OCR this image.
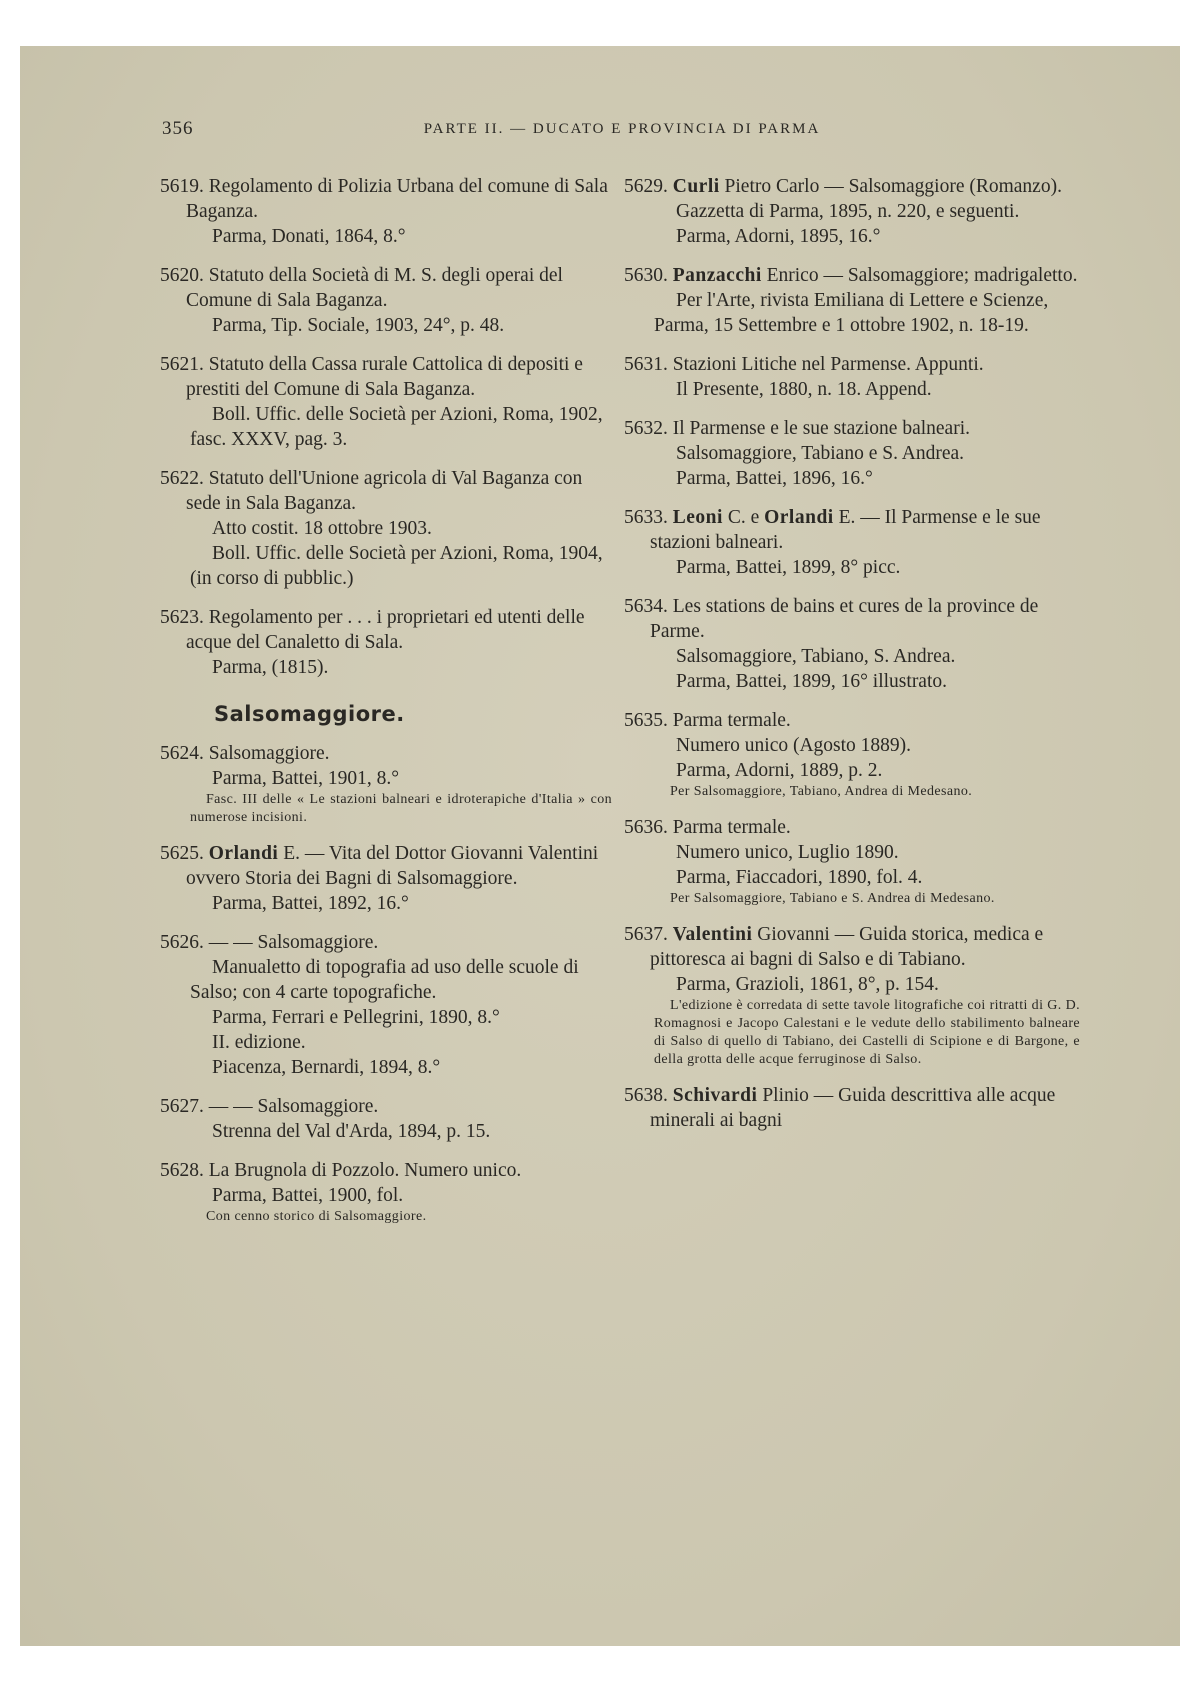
356	PARTE II. — DUCATO E PROVINCIA DI PARMA

5619. Regolamento di Polizia Urbana del comune di Sala Baganza.

Parma, Donati, 1864, 8.°

5620. Statuto della Società di M. S. degli operai del Comune di Sala Baganza.

Parma, Tip. Sociale, 1903, 24°, p. 48.

5621. Statuto della Cassa rurale Cattolica di depositi e prestiti del Comune di Sala Baganza.

Boll. Uffic. delle Società per Azioni, Roma, 1902, fasc. XXXV, pag. 3.

5622. Statuto dell'Unione agricola di Val Baganza con sede in Sala Baganza.

Atto costit. 18 ottobre 1903.

Boll. Uffic. delle Società per Azioni, Roma, 1904, (in corso di pubblic.)

5623. Regolamento per . . . i proprietari ed utenti delle acque del Canaletto di Sala.

Parma, (1815).

Salsomaggiore.

5624. Salsomaggiore.

Parma, Battei, 1901, 8.°

Fasc. III delle « Le stazioni balneari e idroterapiche d'Italia » con numerose incisioni.

5625. Orlandi E. — Vita del Dottor Giovanni Valentini ovvero Storia dei Bagni di Salsomaggiore.

Parma, Battei, 1892, 16.°

5626. — — Salsomaggiore.

Manualetto di topografia ad uso delle scuole di Salso; con 4 carte topografiche.

Parma, Ferrari e Pellegrini, 1890, 8.°

II. edizione.

Piacenza, Bernardi, 1894, 8.°

5627. — — Salsomaggiore.

Strenna del Val d'Arda, 1894, p. 15.

5628. La Brugnola di Pozzolo. Numero unico.

Parma, Battei, 1900, fol.

Con cenno storico di Salsomaggiore.

5629. Curli Pietro Carlo — Salsomaggiore (Romanzo).

Gazzetta di Parma, 1895, n. 220, e seguenti.

Parma, Adorni, 1895, 16.°

5630. Panzacchi Enrico — Salsomaggiore; madrigaletto.

Per l'Arte, rivista Emiliana di Lettere e Scienze, Parma, 15 Settembre e 1 ottobre 1902, n. 18-19.

5631. Stazioni Litiche nel Parmense. Appunti.

Il Presente, 1880, n. 18. Append.

5632. Il Parmense e le sue stazione balneari.

Salsomaggiore, Tabiano e S. Andrea.

Parma, Battei, 1896, 16.°

5633. Leoni C. e Orlandi E. — Il Parmense e le sue stazioni balneari.

Parma, Battei, 1899, 8° picc.

5634. Les stations de bains et cures de la province de Parme.

Salsomaggiore, Tabiano, S. Andrea.

Parma, Battei, 1899, 16° illustrato.

5635. Parma termale.

Numero unico (Agosto 1889).

Parma, Adorni, 1889, p. 2.

Per Salsomaggiore, Tabiano, Andrea di Medesano.

5636. Parma termale.

Numero unico, Luglio 1890.

Parma, Fiaccadori, 1890, fol. 4.

Per Salsomaggiore, Tabiano e S. Andrea di Medesano.

5637. Valentini Giovanni — Guida storica, medica e pittoresca ai bagni di Salso e di Tabiano.

Parma, Grazioli, 1861, 8°, p. 154.

L'edizione è corredata di sette tavole litografiche coi ritratti di G. D. Romagnosi e Jacopo Calestani e le vedute dello stabilimento balneare di Salso di quello di Tabiano, dei Castelli di Scipione e di Bargone, e della grotta delle acque ferruginose di Salso.

5638. Schivardi Plinio — Guida descrittiva alle acque minerali ai bagni
